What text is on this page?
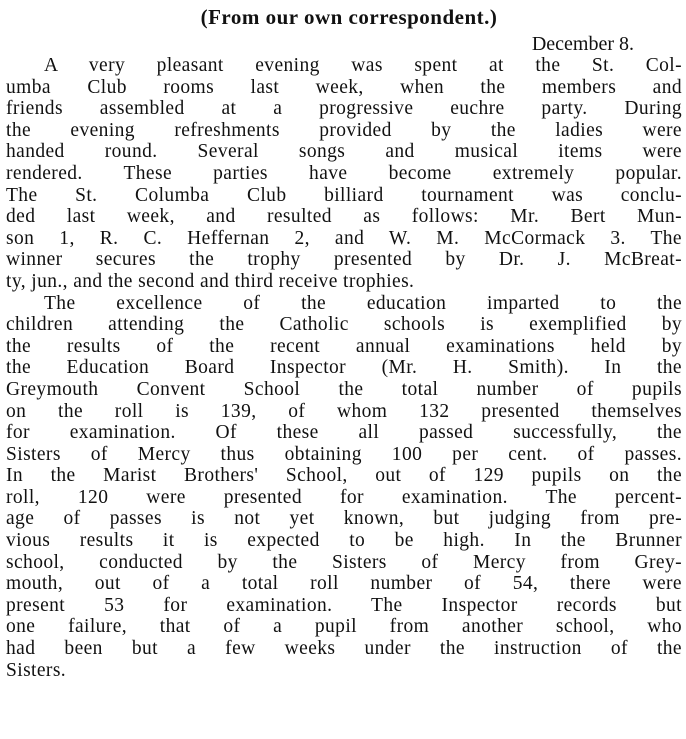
(From our own correspondent.)
December 8.
A very pleasant evening was spent at the St. Col-
umba Club rooms last week, when the members and
friends assembled at a progressive euchre party. During
the evening refreshments provided by the ladies were
handed round. Several songs and musical items were
rendered. These parties have become extremely popular.
The St. Columba Club billiard tournament was conclu-
ded last week, and resulted as follows: Mr. Bert Mun-
son 1, R. C. Heffernan 2, and W. M. McCormack 3. The
winner secures the trophy presented by Dr. J. McBreat-
ty, jun., and the second and third receive trophies.
The excellence of the education imparted to the
children attending the Catholic schools is exemplified by
the results of the recent annual examinations held by
the Education Board Inspector (Mr. H. Smith). In the
Greymouth Convent School the total number of pupils
on the roll is 139, of whom 132 presented themselves
for examination. Of these all passed successfully, the
Sisters of Mercy thus obtaining 100 per cent. of passes.
In the Marist Brothers' School, out of 129 pupils on the
roll, 120 were presented for examination. The percent-
age of passes is not yet known, but judging from pre-
vious results it is expected to be high. In the Brunner
school, conducted by the Sisters of Mercy from Grey-
mouth, out of a total roll number of 54, there were
present 53 for examination. The Inspector records but
one failure, that of a pupil from another school, who
had been but a few weeks under the instruction of the
Sisters.
